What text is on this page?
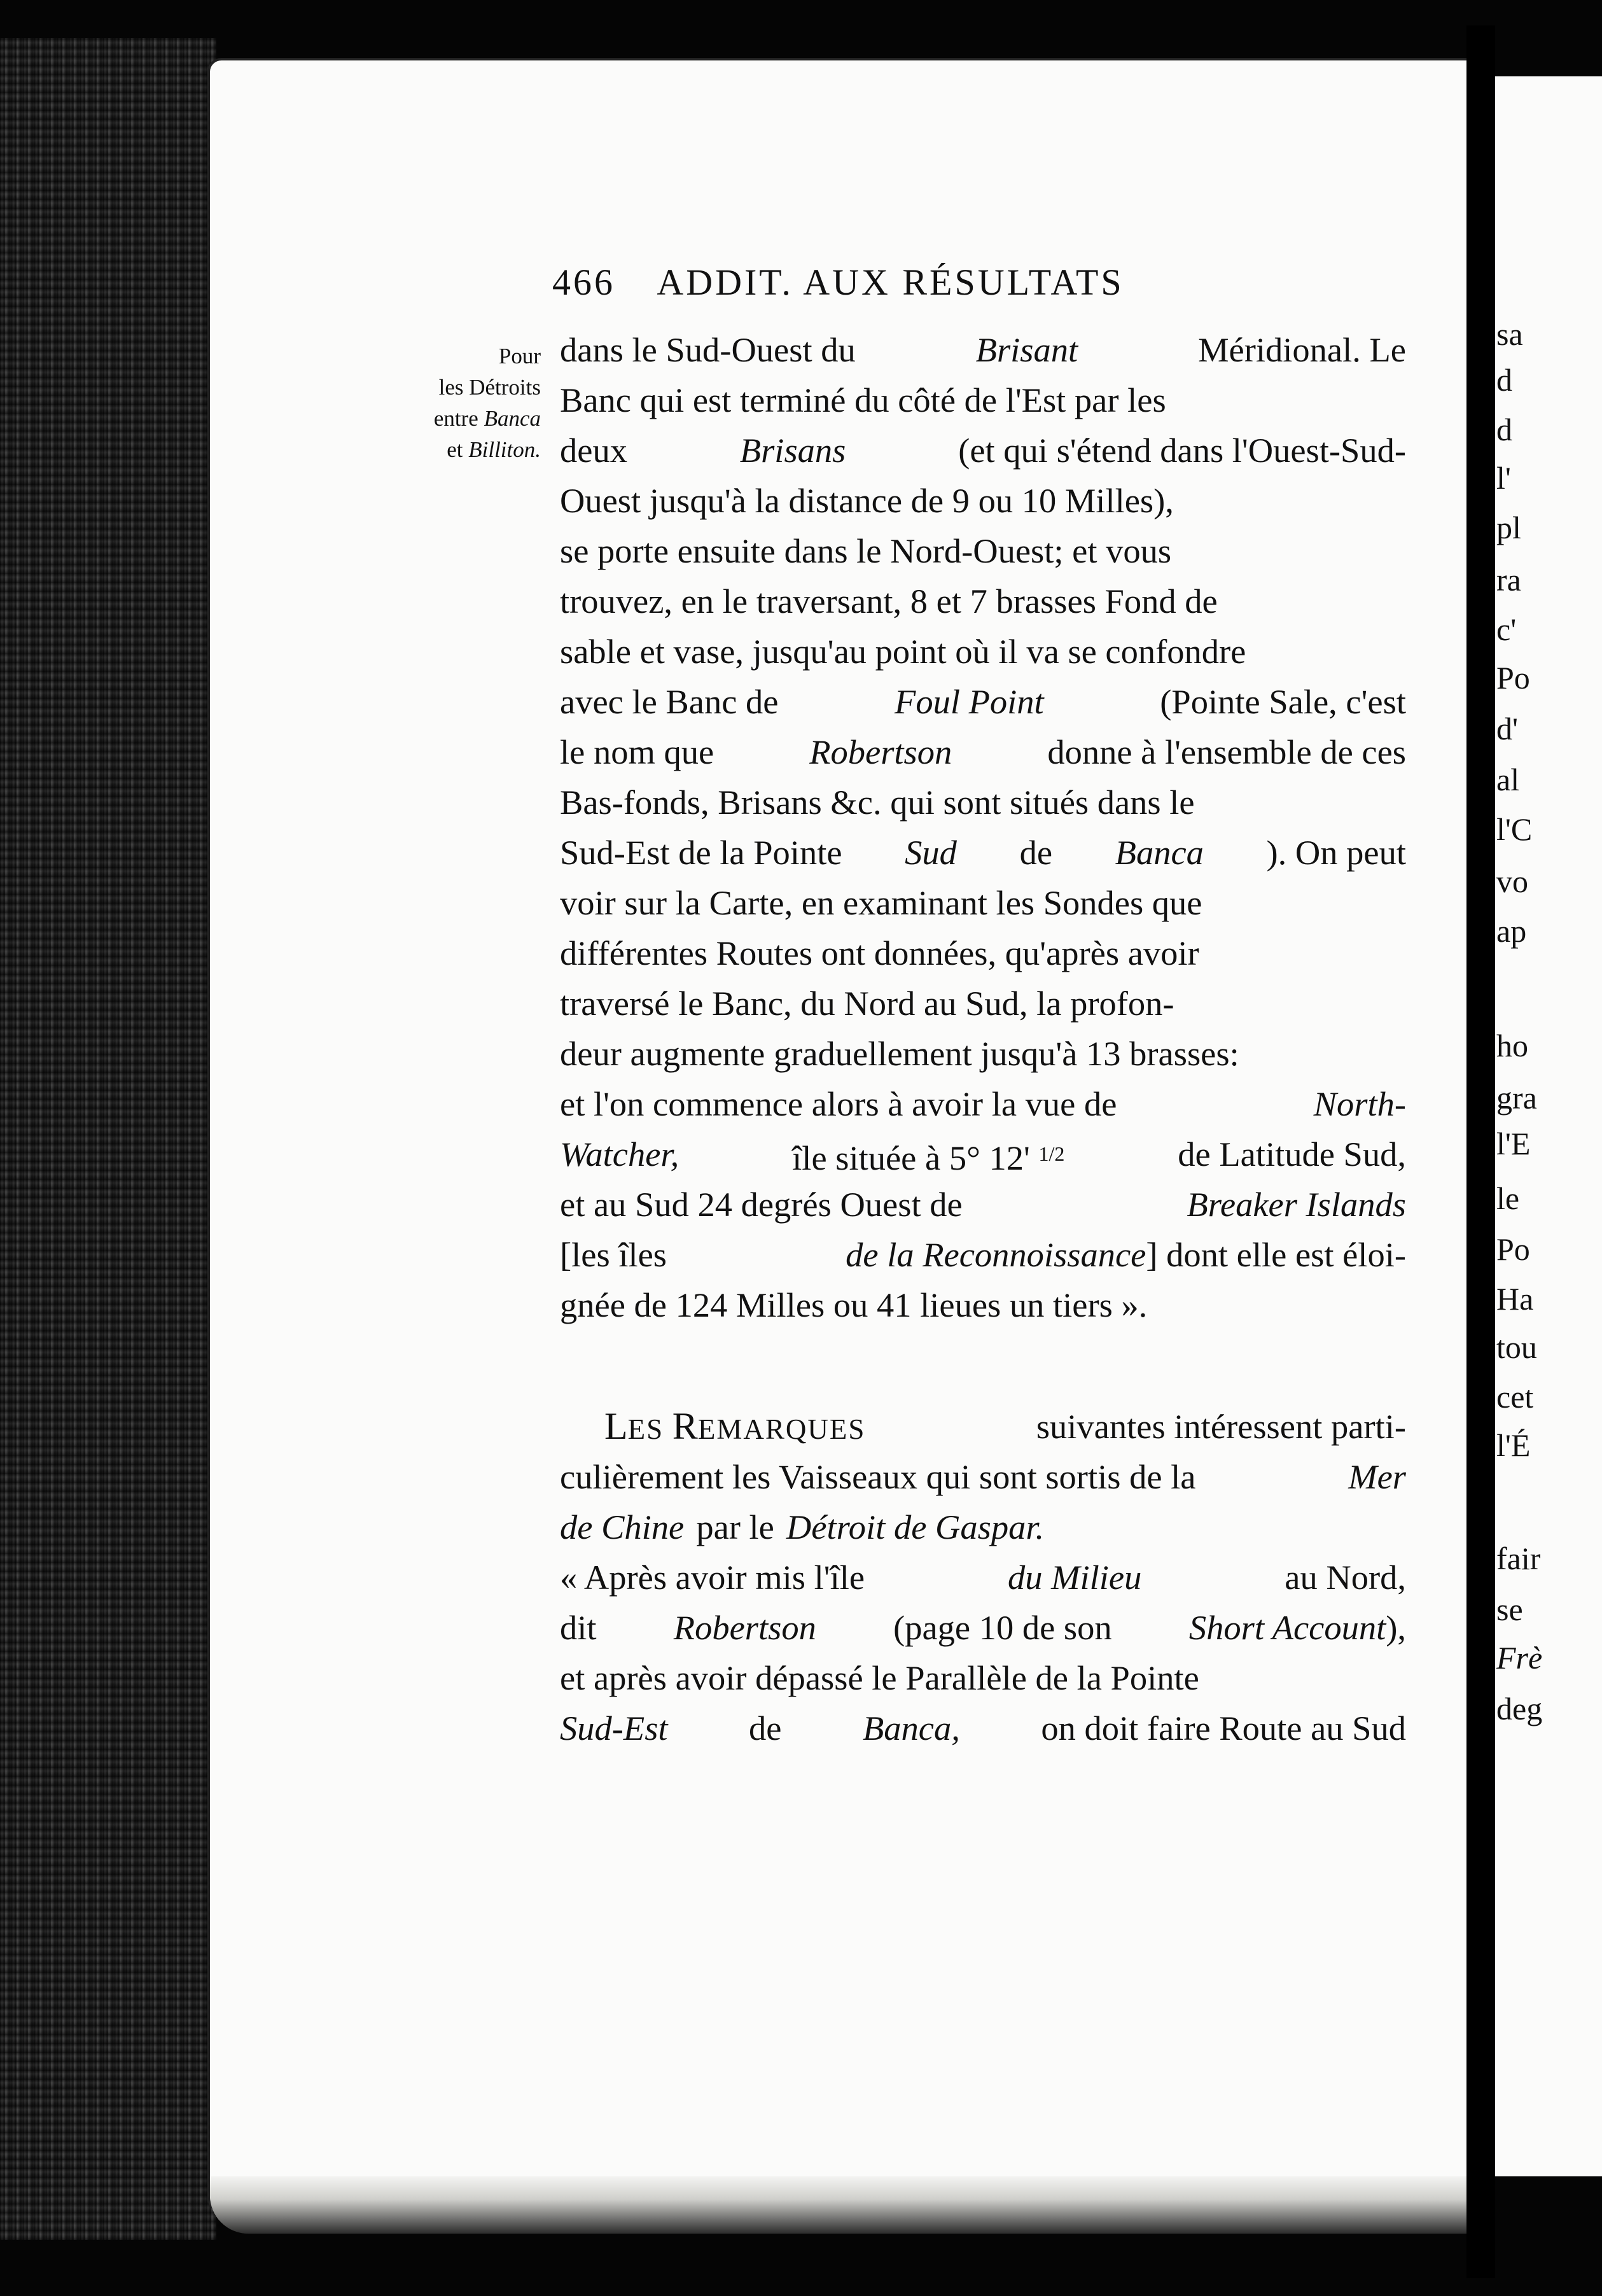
sa
d
d
l'
pl
ra
c'
Po
d'
al
l'C
vo
ap
ho
gra
l'E
le
Po
Ha
tou
cet
l'É
fair
se
Frè
deg
466 ADDIT. AUX RÉSULTATS
Pour
les Détroits
entre Banca
et Billiton.
dans le Sud-Ouest du	Brisant	Méridional. Le
Banc qui est terminé du côté de l'Est par les
deux	Brisans	(et qui s'étend dans l'Ouest-Sud-
Ouest jusqu'à la distance de 9 ou 10 Milles),
se porte ensuite dans le Nord-Ouest; et vous
trouvez, en le traversant, 8 et 7 brasses Fond de
sable et vase, jusqu'au point où il va se confondre
avec le Banc de	Foul Point	(Pointe Sale, c'est
le nom que	Robertson	donne à l'ensemble de ces
Bas-fonds, Brisans &c. qui sont situés dans le
Sud-Est de la Pointe Sud de Banca ). On peut
voir sur la Carte, en examinant les Sondes que
différentes Routes ont données, qu'après avoir
traversé le Banc, du Nord au Sud, la profon-
deur augmente graduellement jusqu'à 13 brasses:
et l'on commence alors à avoir la vue de	North-
Watcher,	île située à 5° 12' $^{1/2}$	de Latitude Sud,
et au Sud 24 degrés Ouest de	Breaker Islands
[les îles	de la Reconnoissance] dont elle est éloi-
gnée de 124 Milles ou 41 lieues un tiers ».
LES REMARQUES	suivantes intéressent parti-
culièrement les Vaisseaux qui sont sortis de la	Mer
de Chine par le Détroit de Gaspar.
« Après avoir mis l'île	du Milieu	au Nord,
dit Robertson (page 10 de son Short Account),
et après avoir dépassé le Parallèle de la Pointe
Sud-Est de Banca, on doit faire Route au Sud
